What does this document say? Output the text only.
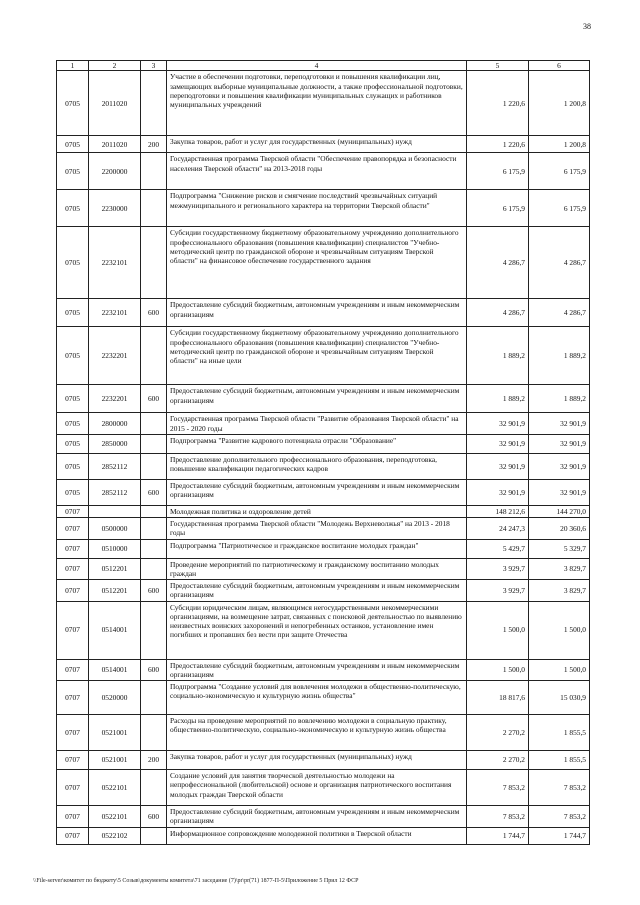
38
1	2	3	4	5	6
0705	2011020		Участие в обеспечении подготовки, переподготовки и повышения квалификации лиц, замещающих выборные муниципальные должности, а также профессиональной подготовки, переподготовки и повышения квалификации муниципальных служащих и работников муниципальных учреждений	1 220,6	1 200,8
0705	2011020	200	Закупка товаров, работ и услуг для государственных (муниципальных) нужд	1 220,6	1 200,8
0705	2200000		Государственная программа Тверской области "Обеспечение правопорядка и безопасности населения Тверской области" на 2013-2018 годы	6 175,9	6 175,9
0705	2230000		Подпрограмма "Снижение рисков и смягчение последствий чрезвычайных ситуаций межмуниципального и регионального характера на территории Тверской области"	6 175,9	6 175,9
0705	2232101		Субсидии государственному бюджетному образовательному учреждению дополнительного профессионального образования (повышения квалификации) специалистов "Учебно-методический центр по гражданской обороне и чрезвычайным ситуациям Тверской области" на финансовое обеспечение государственного задания	4 286,7	4 286,7
0705	2232101	600	Предоставление субсидий бюджетным, автономным учреждениям и иным некоммерческим организациям	4 286,7	4 286,7
0705	2232201		Субсидии государственному бюджетному образовательному учреждению дополнительного профессионального образования (повышения квалификации) специалистов "Учебно-методический центр по гражданской обороне и чрезвычайным ситуациям Тверской области" на иные цели	1 889,2	1 889,2
0705	2232201	600	Предоставление субсидий бюджетным, автономным учреждениям и иным некоммерческим организациям	1 889,2	1 889,2
0705	2800000		Государственная программа Тверской области "Развитие образования Тверской области" на 2015 - 2020 годы	32 901,9	32 901,9
0705	2850000		Подпрограмма "Развитие кадрового потенциала отрасли "Образование"	32 901,9	32 901,9
0705	2852112		Предоставление дополнительного профессионального образования, переподготовка, повышение квалификации педагогических кадров	32 901,9	32 901,9
0705	2852112	600	Предоставление субсидий бюджетным, автономным учреждениям и иным некоммерческим организациям	32 901,9	32 901,9
0707			Молодежная политика и оздоровление детей	148 212,6	144 270,0
0707	0500000		Государственная программа Тверской области "Молодежь Верхневолжья" на 2013 - 2018 годы	24 247,3	20 360,6
0707	0510000		Подпрограмма "Патриотическое и гражданское воспитание молодых граждан"	5 429,7	5 329,7
0707	0512201		Проведение мероприятий по патриотическому и гражданскому воспитанию молодых граждан	3 929,7	3 829,7
0707	0512201	600	Предоставление субсидий бюджетным, автономным учреждениям и иным некоммерческим организациям	3 929,7	3 829,7
0707	0514001		Субсидии юридическим лицам, являющимся негосударственными некоммерческими организациями, на возмещение затрат, связанных с поисковой деятельностью по выявлению неизвестных воинских захоронений и непогребенных останков, установление имен погибших и пропавших без вести при защите Отечества	1 500,0	1 500,0
0707	0514001	600	Предоставление субсидий бюджетным, автономным учреждениям и иным некоммерческим организациям	1 500,0	1 500,0
0707	0520000		Подпрограмма "Создание условий для вовлечения молодежи в общественно-политическую, социально-экономическую и культурную жизнь общества"	18 817,6	15 030,9
0707	0521001		Расходы на проведение мероприятий по вовлечению молодежи в социальную практику, общественно-политическую, социально-экономическую и культурную жизнь общества	2 270,2	1 855,5
0707	0521001	200	Закупка товаров, работ и услуг для государственных (муниципальных) нужд	2 270,2	1 855,5
0707	0522101		Создание условий для занятия творческой деятельностью молодежи на непрофессиональной (любительской) основе и организация патриотического воспитания молодых граждан Тверской области	7 853,2	7 853,2
0707	0522101	600	Предоставление субсидий бюджетным, автономным учреждениям и иным некоммерческим организациям	7 853,2	7 853,2
0707	0522102		Информационное сопровождение молодежной политики в Тверской области	1 744,7	1 744,7
\\File-server\комитет по бюджету\5 Созыв\документы комитета\71 заседание (7)\pr\pr(71) 1877-П-5\Приложение 5 Прил 12 ФСР
